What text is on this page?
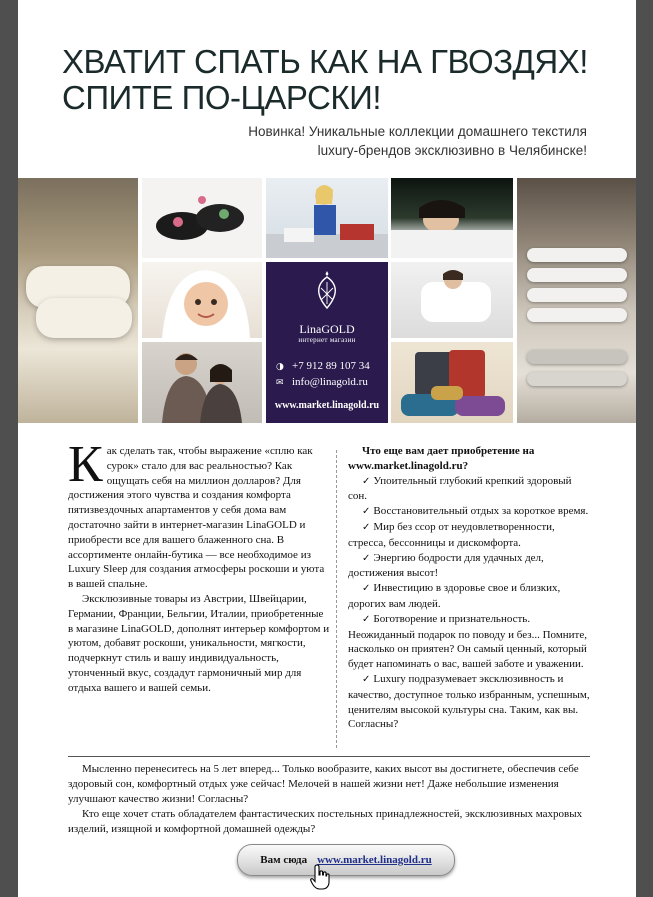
ХВАТИТ СПАТЬ КАК НА ГВОЗДЯХ!
СПИТЕ ПО-ЦАРСКИ!
Новинка! Уникальные коллекции домашнего текстиля
luxury-брендов эксклюзивно в Челябинске!
LinaGOLD
интернет магазин
◑ +7 912 89 107 34
✉ info@linagold.ru
www.market.linagold.ru

Как сделать так, чтобы выражение «сплю как сурок» стало для вас реальностью? Как ощущать себя на миллион долларов? Для достижения этого чувства и создания комфорта пятизвездочных апартаментов у себя дома вам достаточно зайти в интернет-магазин LinaGOLD и приобрести все для вашего блаженного сна. В ассортименте онлайн-бутика — все необходимое из Luxury Sleep для создания атмосферы роскоши и уюта в вашей спальне.

Эксклюзивные товары из Австрии, Швейцарии, Германии, Франции, Бельгии, Италии, приобретенные в магазине LinaGOLD, дополнят интерьер комфортом и уютом, добавят роскоши, уникальности, мягкости, подчеркнут стиль и вашу индивидуальность, утонченный вкус, создадут гармоничный мир для отдыха вашего и вашей семьи.

Что еще вам дает приобретение на www.market.linagold.ru?

✓ Упоительный глубокий крепкий здоровый сон.

✓ Восстановительный отдых за короткое время.

✓ Мир без ссор от неудовлетворенности, стресса, бессонницы и дискомфорта.

✓ Энергию бодрости для удачных дел, достижения высот!

✓ Инвестицию в здоровье свое и близких, дорогих вам людей.

✓ Боготворение и признательность. Неожиданный подарок по поводу и без... Помните, насколько он приятен? Он самый ценный, который будет напоминать о вас, вашей заботе и уважении.

✓ Luxury подразумевает эксклюзивность и качество, доступное только избранным, успешным, ценителям высокой культуры сна. Таким, как вы. Согласны?

Мысленно перенеситесь на 5 лет вперед... Только вообразите, каких высот вы достигнете, обеспечив себе здоровый сон, комфортный отдых уже сейчас! Мелочей в нашей жизни нет! Даже небольшие изменения улучшают качество жизни! Согласны?

Кто еще хочет стать обладателем фантастических постельных принадлежностей, эксклюзивных махровых изделий, изящной и комфортной домашней одежды?

Вам сюда www.market.linagold.ru
